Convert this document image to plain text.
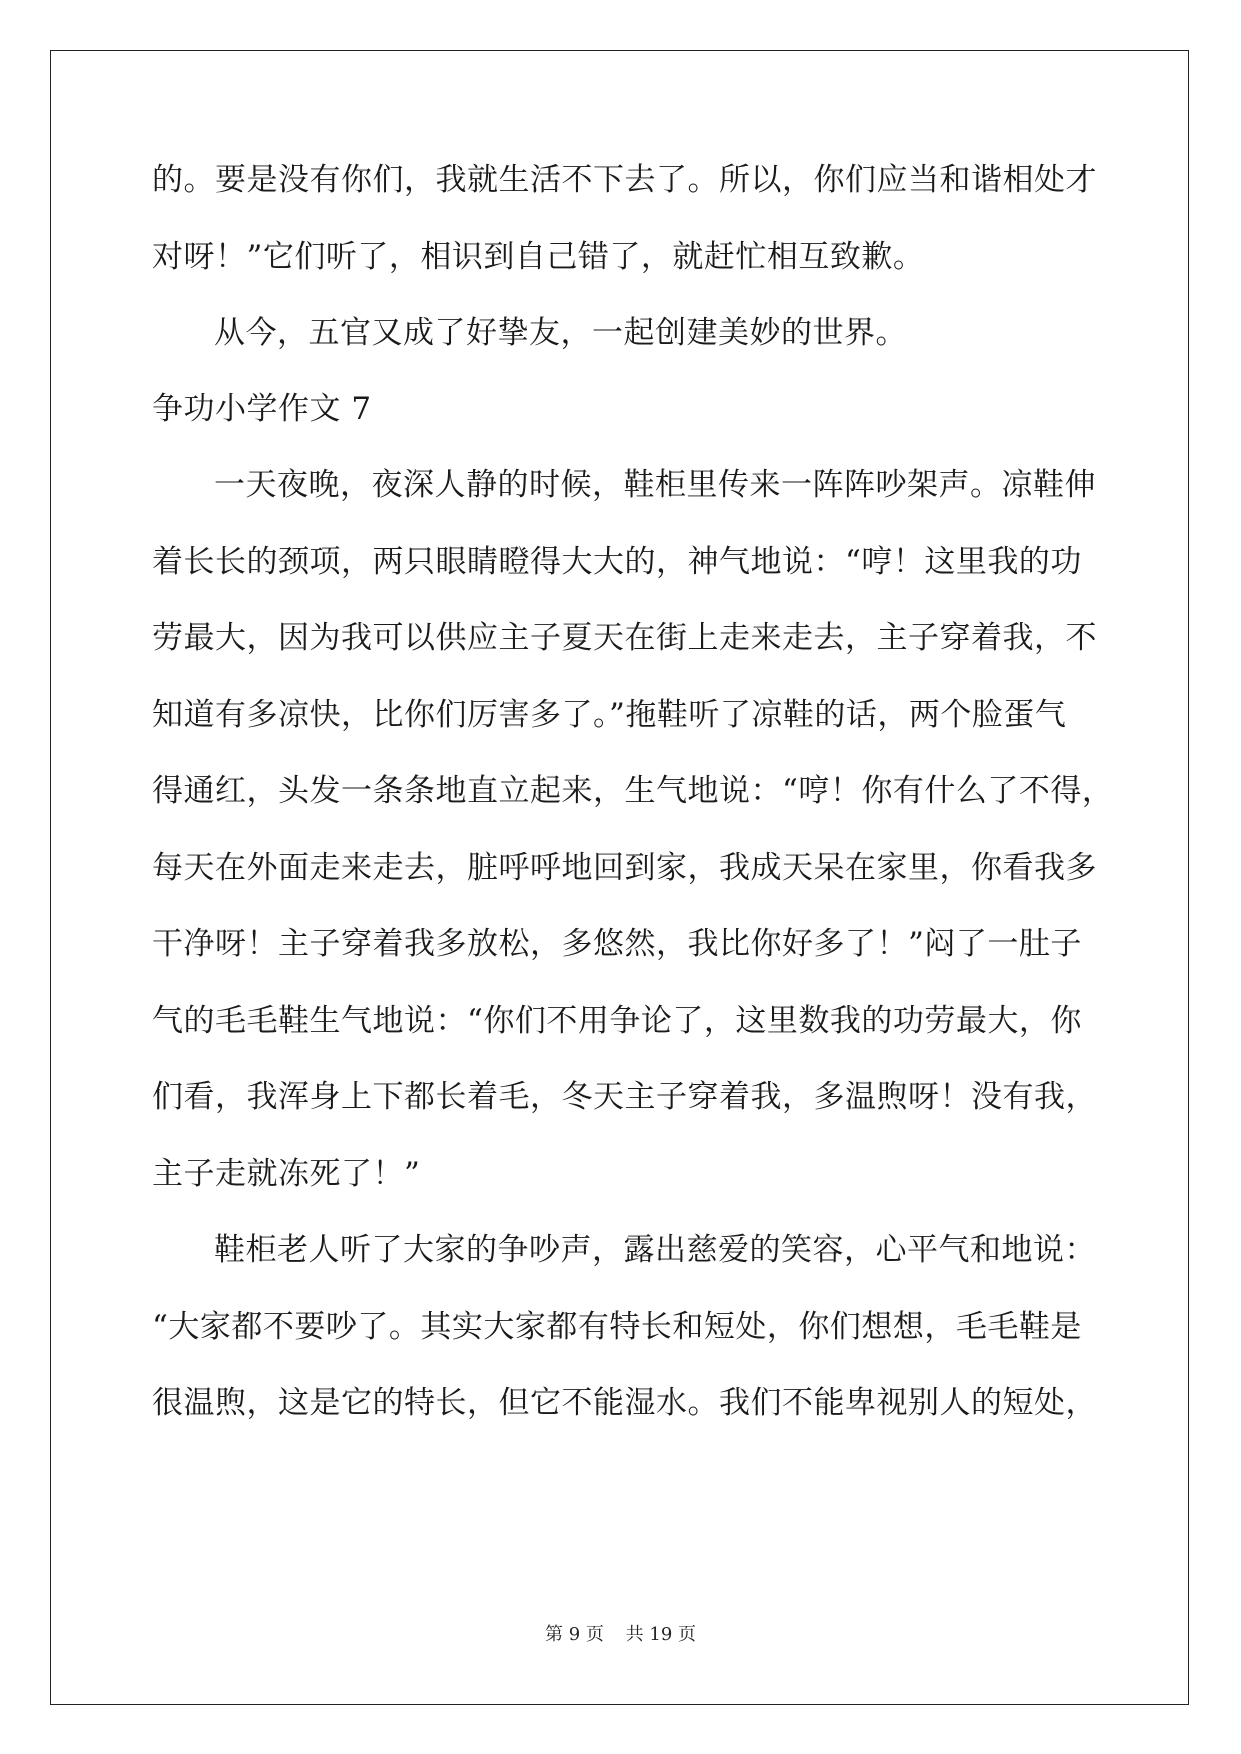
的。要是没有你们，我就生活不下去了。所以，你们应当和谐相处才
对呀！”它们听了，相识到自己错了，就赶忙相互致歉。
从今，五官又成了好挚友，一起创建美妙的世界。
争功小学作文 7
一天夜晚，夜深人静的时候，鞋柜里传来一阵阵吵架声。凉鞋伸
着长长的颈项，两只眼睛瞪得大大的，神气地说：“哼！这里我的功
劳最大，因为我可以供应主子夏天在街上走来走去，主子穿着我，不
知道有多凉快，比你们厉害多了。”拖鞋听了凉鞋的话，两个脸蛋气
得通红，头发一条条地直立起来，生气地说：“哼！你有什么了不得，
每天在外面走来走去，脏呼呼地回到家，我成天呆在家里，你看我多
干净呀！主子穿着我多放松，多悠然，我比你好多了！”闷了一肚子
气的毛毛鞋生气地说：“你们不用争论了，这里数我的功劳最大，你
们看，我浑身上下都长着毛，冬天主子穿着我，多温煦呀！没有我，
主子走就冻死了！”
鞋柜老人听了大家的争吵声，露出慈爱的笑容，心平气和地说：
“大家都不要吵了。其实大家都有特长和短处，你们想想，毛毛鞋是
很温煦，这是它的特长，但它不能湿水。我们不能卑视别人的短处，
第 9 页 共 19 页
